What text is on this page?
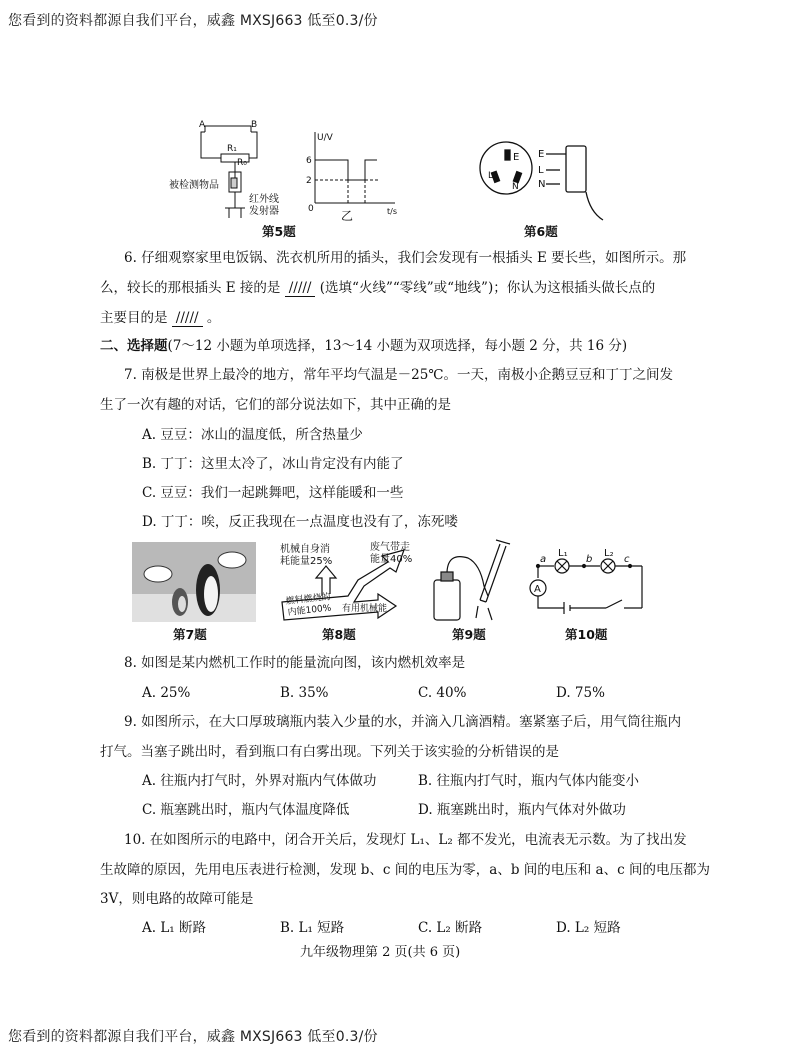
您看到的资料都源自我们平台，威鑫 MXSJ663 低至0.3/份
A	B
R₁
R₀
被检测物品
红外线
发射器
U/V
t/s
6
2
0 乙
第5题
E
L
N
E
L
N
第6题
6. 仔细观察家里电饭锅、洗衣机所用的插头，我们会发现有一根插头 E 要长些，如图所示。那
么，较长的那根插头 E 接的是 ///// (选填“火线”“零线”或“地线”)；你认为这根插头做长点的
主要目的是 ///// 。
二、选择题(7～12 小题为单项选择，13～14 小题为双项选择，每小题 2 分，共 16 分)
7. 南极是世界上最冷的地方，常年平均气温是－25℃。一天，南极小企鹅豆豆和丁丁之间发
生了一次有趣的对话，它们的部分说法如下，其中正确的是
A. 豆豆：冰山的温度低，所含热量少
B. 丁丁：这里太冷了，冰山肯定没有内能了
C. 豆豆：我们一起跳舞吧，这样能暖和一些
D. 丁丁：唉，反正我现在一点温度也没有了，冻死喽
机械自身消
耗能量25%
废气带走
能量40%
燃料燃烧的
内能100% 有用机械能
a
L₁
b
L₂
c
A
第7题	第8题	第9题	第10题
8. 如图是某内燃机工作时的能量流向图，该内燃机效率是
A. 25%	B. 35%	C. 40%	D. 75%
9. 如图所示，在大口厚玻璃瓶内装入少量的水，并滴入几滴酒精。塞紧塞子后，用气筒往瓶内
打气。当塞子跳出时，看到瓶口有白雾出现。下列关于该实验的分析错误的是
A. 往瓶内打气时，外界对瓶内气体做功	B. 往瓶内打气时，瓶内气体内能变小
C. 瓶塞跳出时，瓶内气体温度降低	D. 瓶塞跳出时，瓶内气体对外做功
10. 在如图所示的电路中，闭合开关后，发现灯 L₁、L₂ 都不发光，电流表无示数。为了找出发
生故障的原因，先用电压表进行检测，发现 b、c 间的电压为零，a、b 间的电压和 a、c 间的电压都为
3V，则电路的故障可能是
A. L₁ 断路	B. L₁ 短路	C. L₂ 断路	D. L₂ 短路
九年级物理第 2 页(共 6 页)
您看到的资料都源自我们平台，威鑫 MXSJ663 低至0.3/份
